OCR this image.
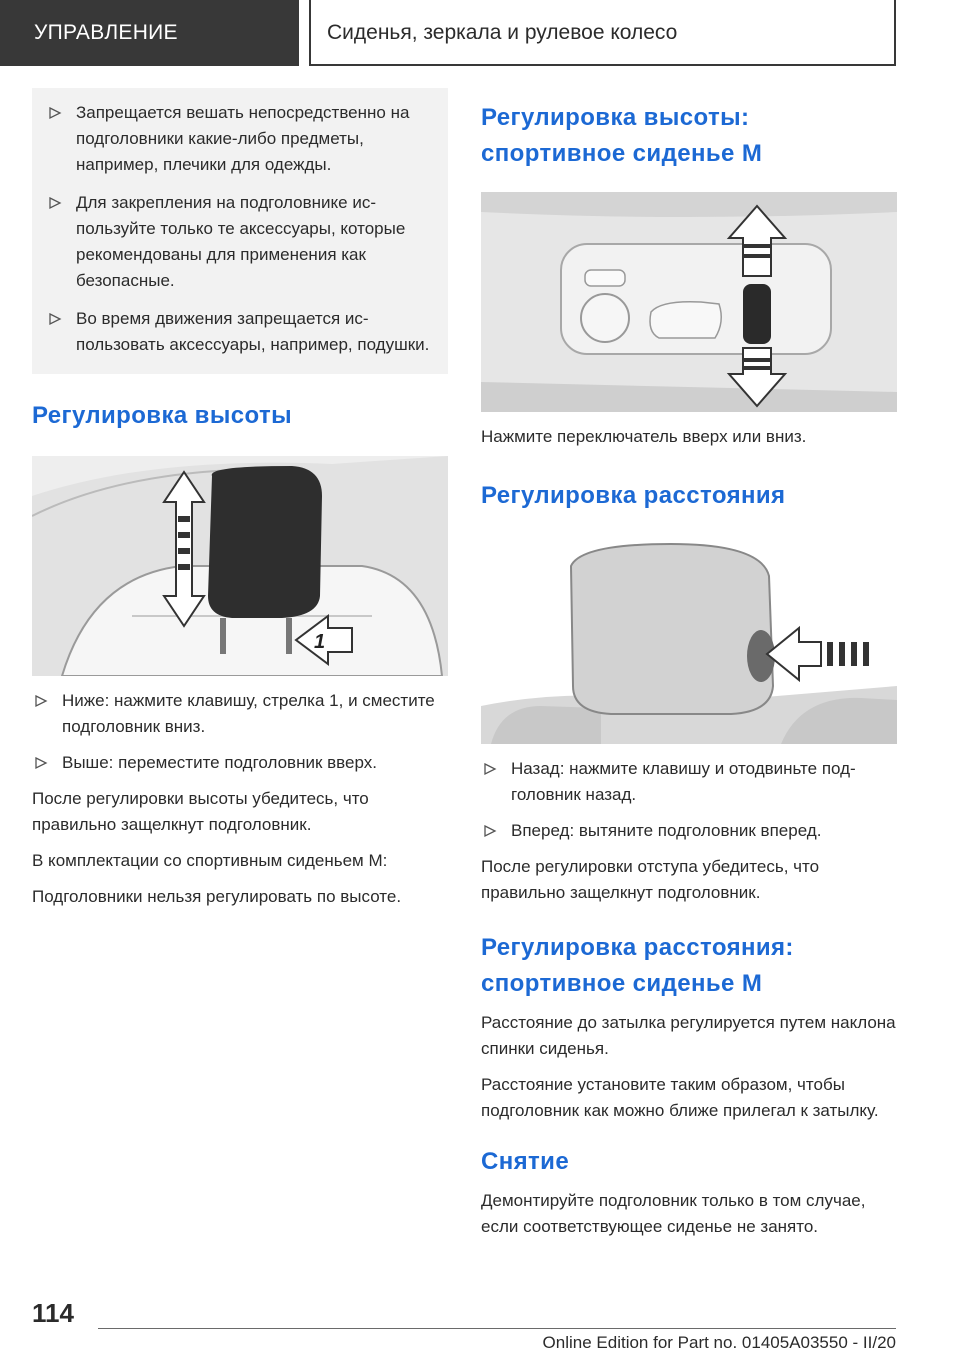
УПРАВЛЕНИЕ	Сиденья, зеркала и рулевое колесо
Запрещается вешать непосредственно на подголовники какие-либо предметы, например, плечики для одежды.
Для закрепления на подголовнике используйте только те аксессуары, которые рекомендованы для применения как безопасные.
Во время движения запрещается использовать аксессуары, например, подушки.
Регулировка высоты
1
Ниже: нажмите клавишу, стрелка 1, и сместите подголовник вниз.
Выше: переместите подголовник вверх.

После регулировки высоты убедитесь, что правильно защелкнут подголовник.

В комплектации со спортивным сиденьем M:

Подголовники нельзя регулировать по высоте.

Регулировка высоты: спортивное сиденье M

Нажмите переключатель вверх или вниз.

Регулировка расстояния
Назад: нажмите клавишу и отодвиньте подголовник назад.
Вперед: вытяните подголовник вперед.

После регулировки отступа убедитесь, что правильно защелкнут подголовник.

Регулировка расстояния: спортивное сиденье M

Расстояние до затылка регулируется путем наклона спинки сиденья.

Расстояние установите таким образом, чтобы подголовник как можно ближе прилегал к затылку.

Снятие

Демонтируйте подголовник только в том случае, если соответствующее сиденье не занято.

114
Online Edition for Part no. 01405A03550 - II/20
